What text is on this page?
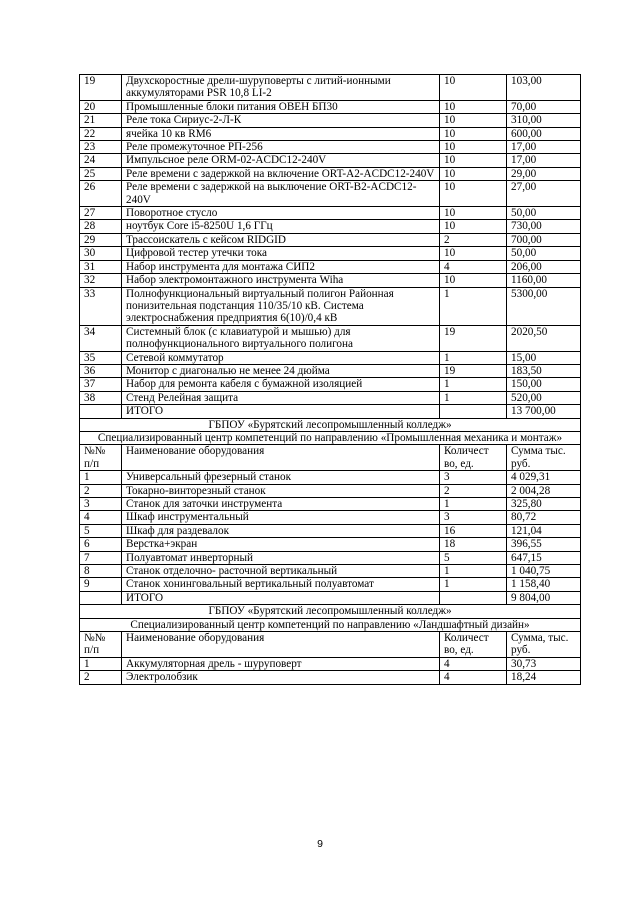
19	Двухскоростные дрели-шуруповерты с литий-ионными аккумуляторами PSR 10,8 LI-2	10	103,00
20	Промышленные блоки питания ОВЕН БП30	10	70,00
21	Реле тока Сириус-2-Л-К	10	310,00
22	ячейка 10 кв RM6	10	600,00
23	Реле промежуточное РП-256	10	17,00
24	Импульсное реле ORM-02-ACDC12-240V	10	17,00
25	Реле времени с задержкой на включение ORT-A2-ACDC12-240V	10	29,00
26	Реле времени с задержкой на выключение ORT-B2-ACDC12-240V	10	27,00
27	Поворотное стусло	10	50,00
28	ноутбук Core i5-8250U 1,6 ГГц	10	730,00
29	Трассоискатель с кейсом RIDGID	2	700,00
30	Цифровой тестер утечки тока	10	50,00
31	Набор инструмента для монтажа СИП2	4	206,00
32	Набор электромонтажного инструмента Wiha	10	1160,00
33	Полнофункциональный виртуальный полигон Районная понизительная подстанция 110/35/10 кВ. Система электроснабжения предприятия 6(10)/0,4 кВ	1	5300,00
34	Системный блок (с клавиатурой и мышью) для полнофункционального виртуального полигона	19	2020,50
35	Сетевой коммутатор	1	15,00
36	Монитор с диагональю не менее 24 дюйма	19	183,50
37	Набор для ремонта кабеля с бумажной изоляцией	1	150,00
38	Стенд Релейная защита	1	520,00
	ИТОГО		13 700,00
ГБПОУ «Бурятский лесопромышленный колледж»			
Специализированный центр компетенций по направлению «Промышленная механика и монтаж»			
№№ п/п	Наименование оборудования	Количест во, ед.	Сумма тыс. руб.
1	Универсальный фрезерный станок	3	4 029,31
2	Токарно-винторезный станок	2	2 004,28
3	Станок для заточки инструмента	1	325,80
4	Шкаф инструментальный	3	80,72
5	Шкаф для раздевалок	16	121,04
6	Верстка+экран	18	396,55
7	Полуавтомат инверторный	5	647,15
8	Станок отделочно- расточной вертикальный	1	1 040,75
9	Станок хонинговальный вертикальный полуавтомат	1	1 158,40
	ИТОГО		9 804,00
ГБПОУ «Бурятский лесопромышленный колледж»			
Специализированный центр компетенций по направлению «Ландшафтный дизайн»			
№№ п/п	Наименование оборудования	Количест во, ед.	Сумма, тыс. руб.
1	Аккумуляторная дрель - шуруповерт	4	30,73
2	Электролобзик	4	18,24
9
